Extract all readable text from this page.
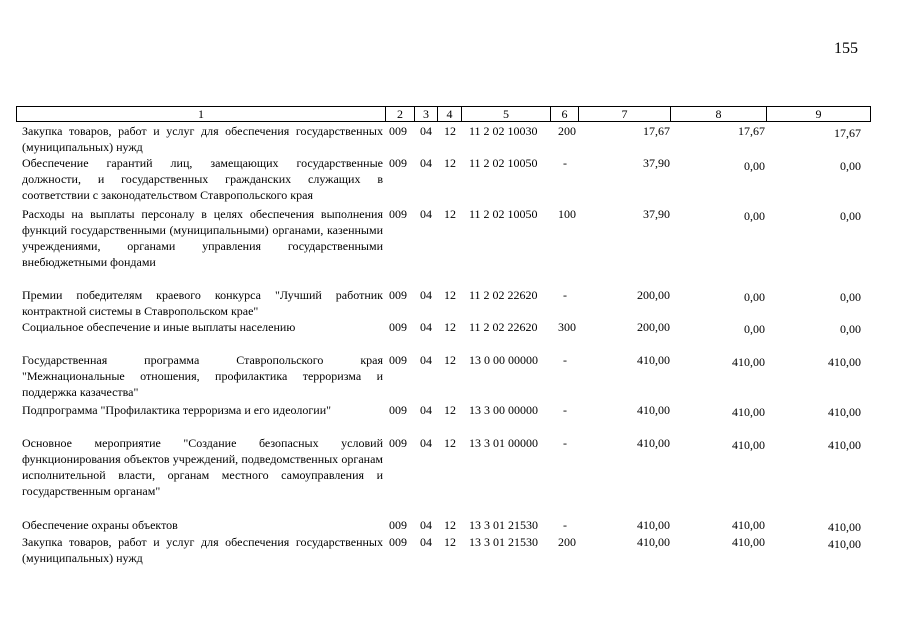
155
1	2	3	4	5	6	7	8	9
Закупка товаров, работ и услуг для обеспечения государственных (муниципальных) нужд
009 04 12 11 2 02 10030 200	17,67	17,67	17,67
Обеспечение гарантий лиц, замещающих государственные должности, и государственных гражданских служащих в соответствии с законодательством Ставропольского края
009 04 12 11 2 02 10050 -	37,90	0,00	0,00
Расходы на выплаты персоналу в целях обеспечения выполнения функций государственными (муниципальными) органами, казенными учреждениями, органами управления государственными внебюджетными фондами
009 04 12 11 2 02 10050 100	37,90	0,00	0,00
Премии победителям краевого конкурса "Лучший работник контрактной системы в Ставропольском крае"
009 04 12 11 2 02 22620 -	200,00	0,00	0,00
Социальное обеспечение и иные выплаты населению	009 04 12 11 2 02 22620 300	200,00	0,00	0,00
Государственная программа Ставропольского края "Межнациональные отношения, профилактика терроризма и поддержка казачества"
009 04 12 13 0 00 00000 -	410,00	410,00	410,00
Подпрограмма "Профилактика терроризма и его идеологии"	009 04 12 13 3 00 00000 -	410,00	410,00	410,00
Основное мероприятие "Создание безопасных условий функционирования объектов учреждений, подведомственных органам исполнительной власти, органам местного самоуправления и государственным органам"
009 04 12 13 3 01 00000 -	410,00	410,00	410,00
Обеспечение охраны объектов	009 04 12 13 3 01 21530 -	410,00	410,00	410,00
Закупка товаров, работ и услуг для обеспечения государственных (муниципальных) нужд
009 04 12 13 3 01 21530 200	410,00	410,00	410,00
